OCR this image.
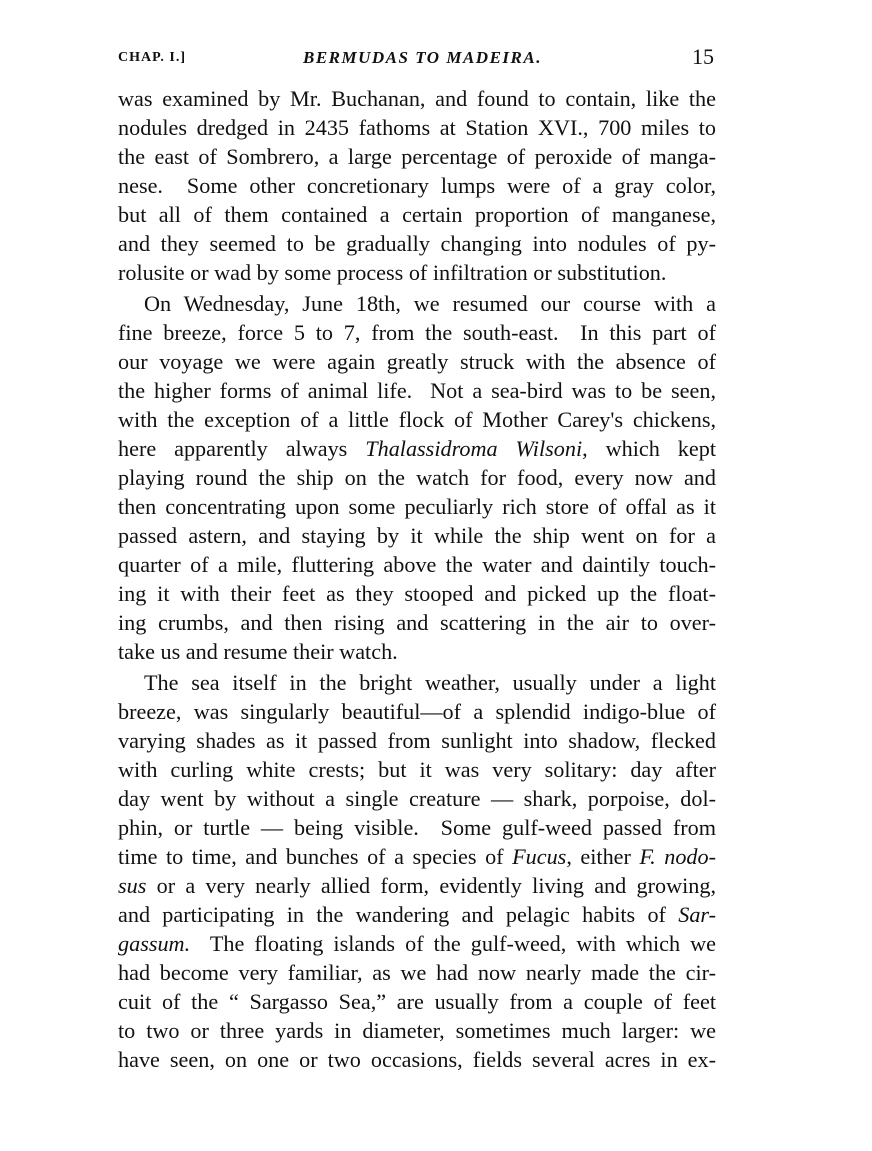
CHAP. I.]	BERMUDAS TO MADEIRA.	15
was examined by Mr. Buchanan, and found to contain, like the
nodules dredged in 2435 fathoms at Station XVI., 700 miles to
the east of Sombrero, a large percentage of peroxide of manga-
nese.  Some other concretionary lumps were of a gray color,
but all of them contained a certain proportion of manganese,
and they seemed to be gradually changing into nodules of py-
rolusite or wad by some process of infiltration or substitution.
On Wednesday, June 18th, we resumed our course with a
fine breeze, force 5 to 7, from the south-east.  In this part of
our voyage we were again greatly struck with the absence of
the higher forms of animal life.  Not a sea-bird was to be seen,
with the exception of a little flock of Mother Carey's chickens,
here apparently always Thalassidroma Wilsoni, which kept
playing round the ship on the watch for food, every now and
then concentrating upon some peculiarly rich store of offal as it
passed astern, and staying by it while the ship went on for a
quarter of a mile, fluttering above the water and daintily touch-
ing it with their feet as they stooped and picked up the float-
ing crumbs, and then rising and scattering in the air to over-
take us and resume their watch.
The sea itself in the bright weather, usually under a light
breeze, was singularly beautiful—of a splendid indigo-blue of
varying shades as it passed from sunlight into shadow, flecked
with curling white crests; but it was very solitary: day after
day went by without a single creature — shark, porpoise, dol-
phin, or turtle — being visible.  Some gulf-weed passed from
time to time, and bunches of a species of Fucus, either F. nodo-
sus or a very nearly allied form, evidently living and growing,
and participating in the wandering and pelagic habits of Sar-
gassum.  The floating islands of the gulf-weed, with which we
had become very familiar, as we had now nearly made the cir-
cuit of the “ Sargasso Sea,” are usually from a couple of feet
to two or three yards in diameter, sometimes much larger: we
have seen, on one or two occasions, fields several acres in ex-
